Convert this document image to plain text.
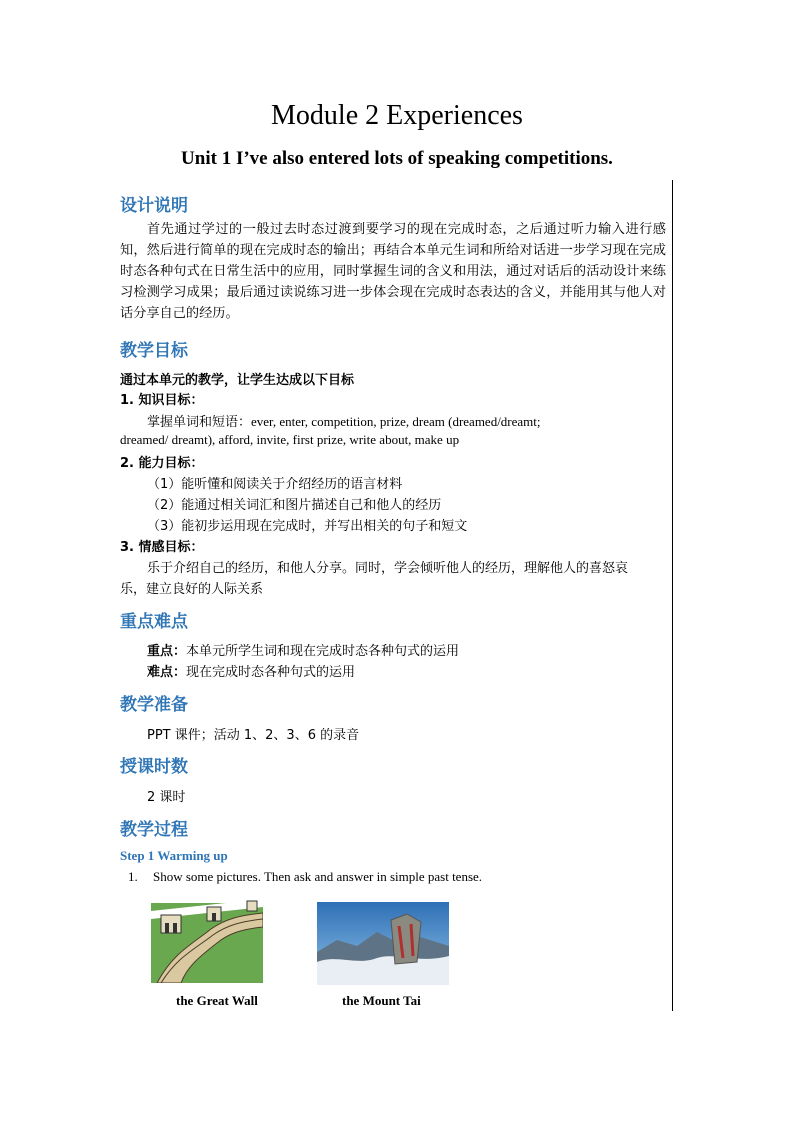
Module 2 Experiences
Unit 1 I’ve also entered lots of speaking competitions.
设计说明
首先通过学过的一般过去时态过渡到要学习的现在完成时态，之后通过听力输入进行感知，然后进行简单的现在完成时态的输出；再结合本单元生词和所给对话进一步学习现在完成时态各种句式在日常生活中的应用，同时掌握生词的含义和用法，通过对话后的活动设计来练习检测学习成果；最后通过读说练习进一步体会现在完成时态表达的含义，并能用其与他人对话分享自己的经历。
教学目标
通过本单元的教学，让学生达成以下目标
1. 知识目标：
掌握单词和短语：ever, enter, competition, prize, dream (dreamed/dreamt;
dreamed/ dreamt), afford, invite, first prize, write about, make up
2. 能力目标：
（1）能听懂和阅读关于介绍经历的语言材料
（2）能通过相关词汇和图片描述自己和他人的经历
（3）能初步运用现在完成时，并写出相关的句子和短文
3. 情感目标：
乐于介绍自己的经历，和他人分享。同时，学会倾听他人的经历，理解他人的喜怒哀
乐，建立良好的人际关系
重点难点
重点：本单元所学生词和现在完成时态各种句式的运用
难点：现在完成时态各种句式的运用
教学准备
PPT 课件；活动 1、2、3、6 的录音
授课时数
2 课时
教学过程
Step 1 Warming up
1. Show some pictures. Then ask and answer in simple past tense.
the Great Wall	the Mount Tai
